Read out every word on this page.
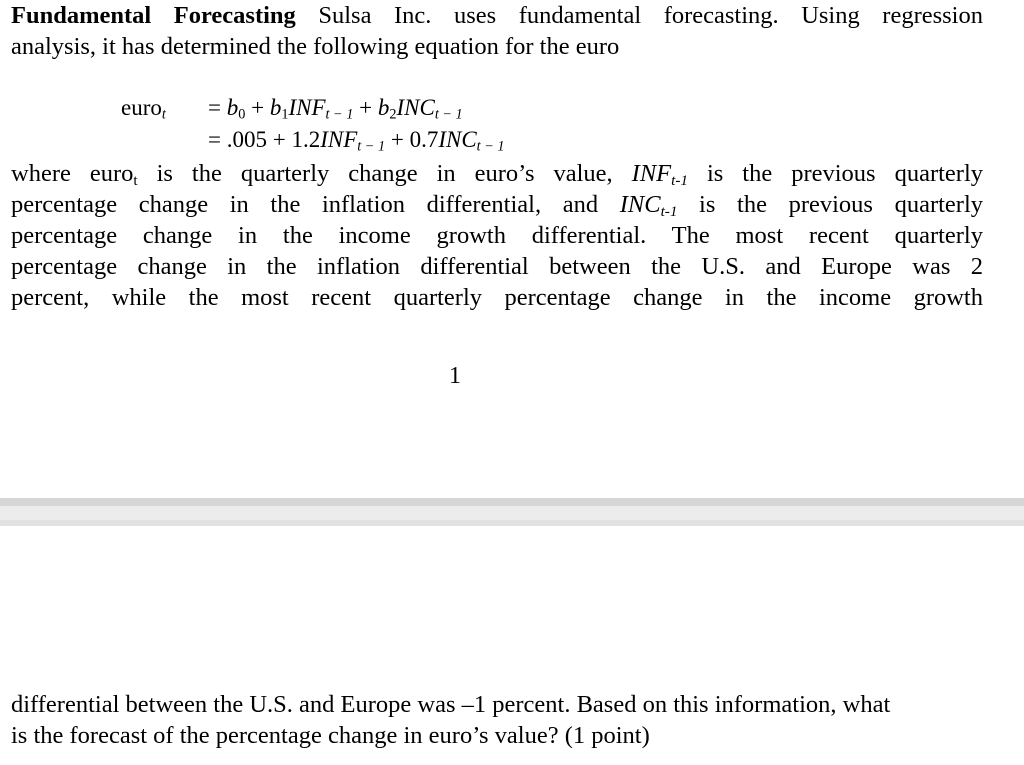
Fundamental Forecasting Sulsa Inc. uses fundamental forecasting. Using regression
analysis, it has determined the following equation for the euro
euro$_t$ = $b_0 + b_1INF_{t - 1} + b_2INC_{t - 1}$
= $.005 + 1.2INF_{t - 1} + 0.7INC_{t - 1}$
where euro$_t$ is the quarterly change in euro’s value, $INF_{t-1}$ is the previous quarterly
percentage change in the inflation differential, and $INC_{t-1}$ is the previous quarterly
percentage change in the income growth differential. The most recent quarterly
percentage change in the inflation differential between the U.S. and Europe was 2
percent, while the most recent quarterly percentage change in the income growth
1
differential between the U.S. and Europe was –1 percent. Based on this information, what
is the forecast of the percentage change in euro’s value? (1 point)
